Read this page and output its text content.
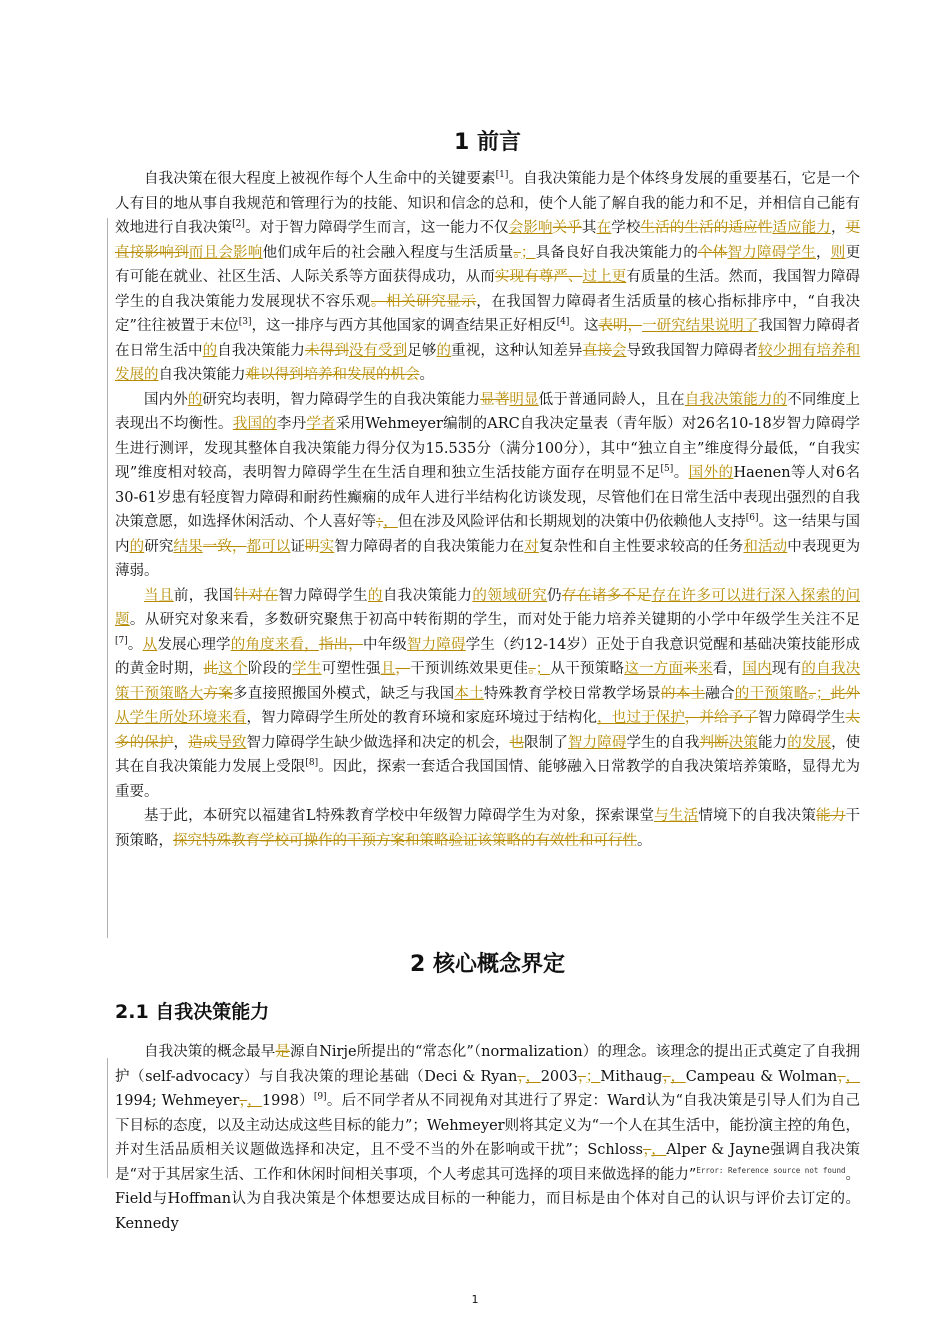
1 前言

自我决策在很大程度上被视作每个人生命中的关键要素[1]。自我决策能力是个体终身发展的重要基石，它是一个人有目的地从事自我规范和管理行为的技能、知识和信念的总和，使个人能了解自我的能力和不足，并相信自己能有效地进行自我决策[2]。对于智力障碍学生而言，这一能力不仅会影响关乎其在学校生活的生活的适应性适应能力，更直接影响到而且会影响他们成年后的社会融入程度与生活质量。；具备良好自我决策能力的个体智力障碍学生，则更有可能在就业、社区生活、人际关系等方面获得成功，从而实现有尊严、过上更有质量的生活。然而，我国智力障碍学生的自我决策能力发展现状不容乐观。相关研究显示，在我国智力障碍者生活质量的核心指标排序中，“自我决定”往往被置于末位[3]，这一排序与西方其他国家的调查结果正好相反[4]。这表明，一研究结果说明了我国智力障碍者在日常生活中的自我决策能力未得到没有受到足够的重视，这种认知差异直接会导致我国智力障碍者较少拥有培养和发展的自我决策能力难以得到培养和发展的机会。

国内外的研究均表明，智力障碍学生的自我决策能力显著明显低于普通同龄人，且在自我决策能力的不同维度上表现出不均衡性。我国的李丹学者采用Wehmeyer编制的ARC自我决定量表（青年版）对26名10-18岁智力障碍学生进行测评，发现其整体自我决策能力得分仅为15.535分（满分100分），其中“独立自主”维度得分最低，“自我实现”维度相对较高，表明智力障碍学生在生活自理和独立生活技能方面存在明显不足[5]。国外的Haenen等人对6名30-61岁患有轻度智力障碍和耐药性癫痫的成年人进行半结构化访谈发现，尽管他们在日常生活中表现出强烈的自我决策意愿，如选择休闲活动、个人喜好等；，但在涉及风险评估和长期规划的决策中仍依赖他人支持[6]。这一结果与国内的研究结果一致，都可以证明实智力障碍者的自我决策能力在对复杂性和自主性要求较高的任务和活动中表现更为薄弱。

当且前，我国针对在智力障碍学生的自我决策能力的领域研究仍存在诸多不足存在许多可以进行深入探索的问题。从研究对象来看，多数研究聚焦于初高中转衔期的学生，而对处于能力培养关键期的小学中年级学生关注不足[7]。从发展心理学的角度来看，指出，中年级智力障碍学生（约12-14岁）正处于自我意识觉醒和基础决策技能形成的黄金时期，此这个阶段的学生可塑性强且，干预训练效果更佳。；从干预策略这一方面来来看，国内现有的自我决策干预策略大方案多直接照搬国外模式，缺乏与我国本土特殊教育学校日常教学场景的本土融合的干预策略。；此外从学生所处环境来看，智力障碍学生所处的教育环境和家庭环境过于结构化，也过于保护，并给予了智力障碍学生太多的保护，造成导致智力障碍学生缺少做选择和决定的机会，也限制了智力障碍学生的自我判断决策能力的发展，使其在自我决策能力发展上受限[8]。因此，探索一套适合我国国情、能够融入日常教学的自我决策培养策略，显得尤为重要。

基于此，本研究以福建省L特殊教育学校中年级智力障碍学生为对象，探索课堂与生活情境下的自我决策能力干预策略，探究特殊教育学校可操作的干预方案和策略验证该策略的有效性和可行性。

2 核心概念界定
2.1 自我决策能力

自我决策的概念最早是源自Nirje所提出的“常态化”（normalization）的理念。该理念的提出正式奠定了自我拥护（self-advocacy）与自我决策的理论基础（Deci & Ryan，，2003，；Mithaug，，Campeau & Wolman，，1994; Wehmeyer，，1998）[9]。后不同学者从不同视角对其进行了界定：Ward认为“自我决策是引导人们为自己下目标的态度，以及主动达成这些目标的能力”；Wehmeyer则将其定义为“一个人在其生活中，能扮演主控的角色，并对生活品质相关议题做选择和决定，且不受不当的外在影响或干扰”；Schloss，，Alper & Jayne强调自我决策是“对于其居家生活、工作和休闲时间相关事项，个人考虑其可选择的项目来做选择的能力”$^{Error: Reference source not found}$。Field与Hoffman认为自我决策是个体想要达成目标的一种能力，而目标是由个体对自己的认识与评价去订定的。Kennedy

1
